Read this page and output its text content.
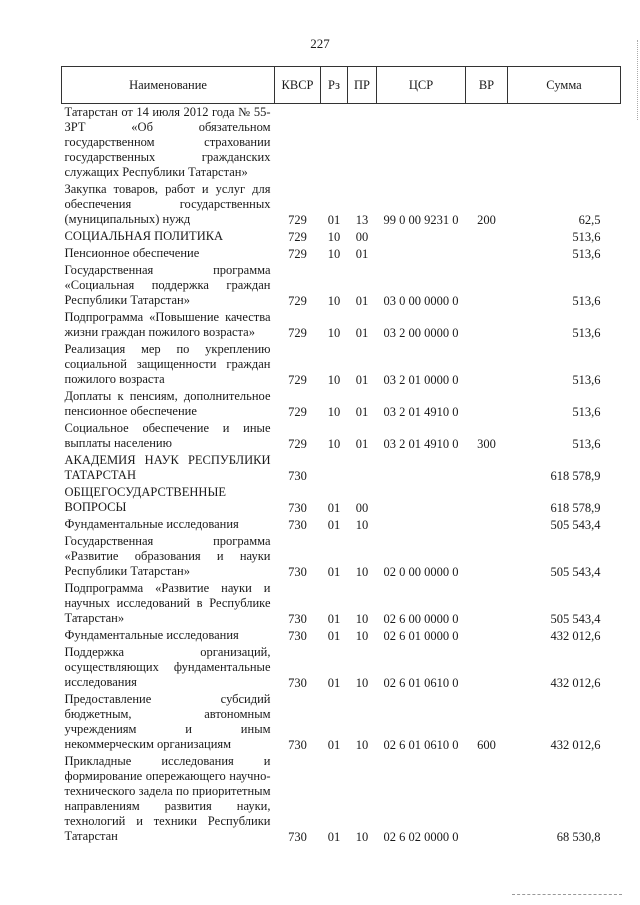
227
Наименование	КВСР	Рз	ПР	ЦСР	ВР	Сумма
Татарстан от 14 июля 2012 года № 55-ЗРТ «Об обязательном государственном страховании государственных гражданских служащих Республики Татарстан»						
Закупка товаров, работ и услуг для обеспечения государственных (муниципальных) нужд	729	01	13	99 0 00 9231 0	200	62,5
СОЦИАЛЬНАЯ ПОЛИТИКА	729	10	00			513,6
Пенсионное обеспечение	729	10	01			513,6
Государственная программа «Социальная поддержка граждан Республики Татарстан»	729	10	01	03 0 00 0000 0		513,6
Подпрограмма «Повышение качества жизни граждан пожилого возраста»	729	10	01	03 2 00 0000 0		513,6
Реализация мер по укреплению социальной защищенности граждан пожилого возраста	729	10	01	03 2 01 0000 0		513,6
Доплаты к пенсиям, дополнительное пенсионное обеспечение	729	10	01	03 2 01 4910 0		513,6
Социальное обеспечение и иные выплаты населению	729	10	01	03 2 01 4910 0	300	513,6
АКАДЕМИЯ НАУК РЕСПУБЛИКИ ТАТАРСТАН	730					618 578,9
ОБЩЕГОСУДАРСТВЕННЫЕ ВОПРОСЫ	730	01	00			618 578,9
Фундаментальные исследования	730	01	10			505 543,4
Государственная программа «Развитие образования и науки Республики Татарстан»	730	01	10	02 0 00 0000 0		505 543,4
Подпрограмма «Развитие науки и научных исследований в Республике Татарстан»	730	01	10	02 6 00 0000 0		505 543,4
Фундаментальные исследования	730	01	10	02 6 01 0000 0		432 012,6
Поддержка организаций, осуществляющих фундаментальные исследования	730	01	10	02 6 01 0610 0		432 012,6
Предоставление субсидий бюджетным, автономным учреждениям и иным некоммерческим организациям	730	01	10	02 6 01 0610 0	600	432 012,6
Прикладные исследования и формирование опережающего научно-технического задела по приоритетным направлениям развития науки, технологий и техники Республики Татарстан	730	01	10	02 6 02 0000 0		68 530,8
